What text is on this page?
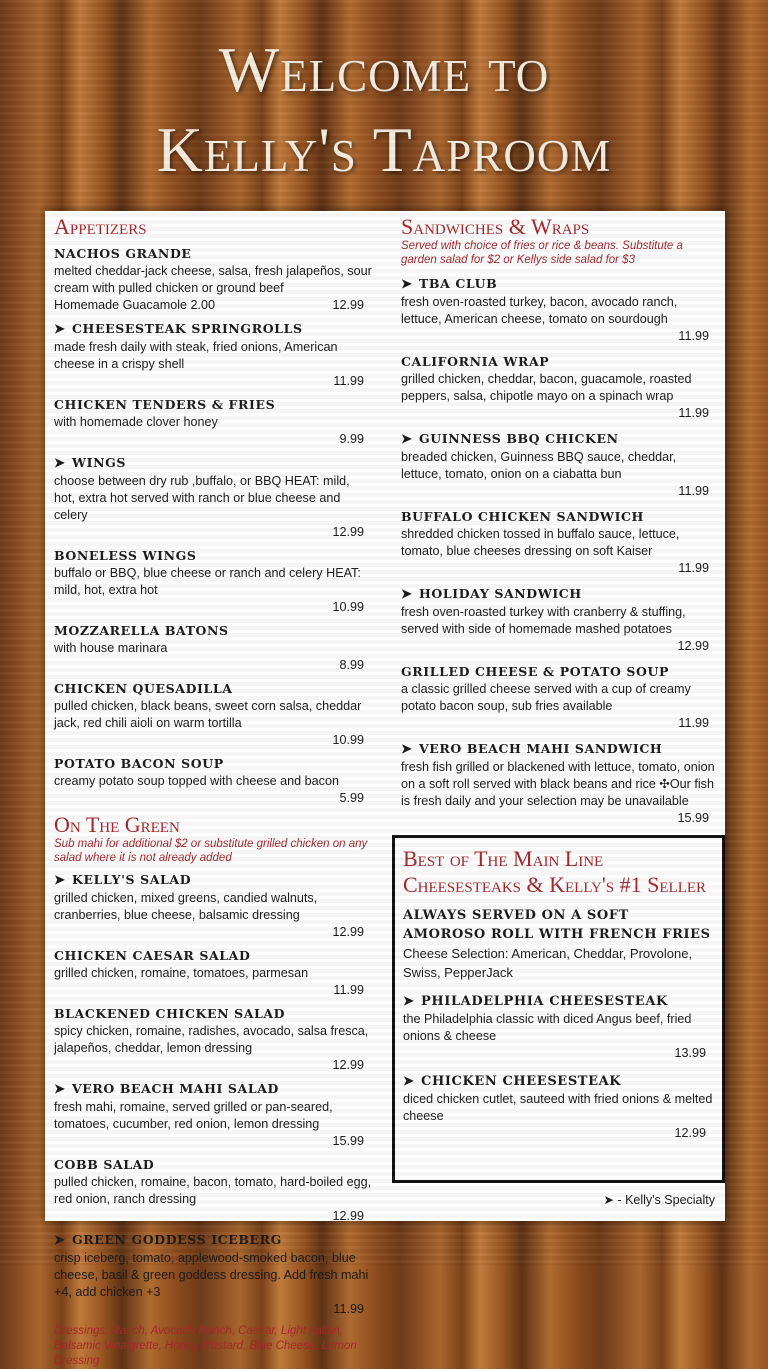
Welcome to
Kelly's Taproom
Appetizers
NACHOS GRANDE
melted cheddar-jack cheese, salsa, fresh jalapeños, sour cream with pulled chicken or ground beef
12.99
Homemade Guacamole 2.00
➤ CHEESESTEAK SPRINGROLLS
made fresh daily with steak, fried onions, American cheese in a crispy shell
11.99
CHICKEN TENDERS & FRIES
with homemade clover honey
9.99
➤ WINGS
choose between dry rub ,buffalo, or BBQ HEAT: mild, hot, extra hot served with ranch or blue cheese and celery
12.99
BONELESS WINGS
buffalo or BBQ, blue cheese or ranch and celery HEAT: mild, hot, extra hot
10.99
MOZZARELLA BATONS
with house marinara
8.99
CHICKEN QUESADILLA
pulled chicken, black beans, sweet corn salsa, cheddar jack, red chili aioli on warm tortilla
10.99
POTATO BACON SOUP
creamy potato soup topped with cheese and bacon
5.99
On The Green
Sub mahi for additional $2 or substitute grilled chicken on any salad where it is not already added
➤ KELLY'S SALAD
grilled chicken, mixed greens, candied walnuts, cranberries, blue cheese, balsamic dressing
12.99
CHICKEN CAESAR SALAD
grilled chicken, romaine, tomatoes, parmesan
11.99
BLACKENED CHICKEN SALAD
spicy chicken, romaine, radishes, avocado, salsa fresca, jalapeños, cheddar, lemon dressing
12.99
➤ VERO BEACH MAHI SALAD
fresh mahi, romaine, served grilled or pan-seared, tomatoes, cucumber, red onion, lemon dressing
15.99
COBB SALAD
pulled chicken, romaine, bacon, tomato, hard-boiled egg, red onion, ranch dressing
12.99
➤ GREEN GODDESS ICEBERG
crisp iceberg, tomato, applewood-smoked bacon, blue cheese, basil & green goddess dressing. Add fresh mahi +4, add chicken +3
11.99
Dressings: Ranch, Avocado Ranch, Caesar, Light Italian, Balsamic Vinaigrette, Honey Mustard, Blue Cheese, Lemon Dressing
Sandwiches & Wraps
Served with choice of fries or rice & beans. Substitute a garden salad for $2 or Kellys side salad for $3
➤ TBA CLUB
fresh oven-roasted turkey, bacon, avocado ranch, lettuce, American cheese, tomato on sourdough
11.99
CALIFORNIA WRAP
grilled chicken, cheddar, bacon, guacamole, roasted peppers, salsa, chipotle mayo on a spinach wrap
11.99
➤ GUINNESS BBQ CHICKEN
breaded chicken, Guinness BBQ sauce, cheddar, lettuce, tomato, onion on a ciabatta bun
11.99
BUFFALO CHICKEN SANDWICH
shredded chicken tossed in buffalo sauce, lettuce, tomato, blue cheeses dressing on soft Kaiser
11.99
➤ HOLIDAY SANDWICH
fresh oven-roasted turkey with cranberry & stuffing, served with side of homemade mashed potatoes
12.99
GRILLED CHEESE & POTATO SOUP
a classic grilled cheese served with a cup of creamy potato bacon soup, sub fries available
11.99
➤ VERO BEACH MAHI SANDWICH
fresh fish grilled or blackened with lettuce, tomato, onion on a soft roll served with black beans and rice ✣Our fish is fresh daily and your selection may be unavailable
15.99
Best of The Main Line Cheesesteaks & Kelly's #1 Seller
ALWAYS SERVED ON A SOFT AMOROSO ROLL WITH FRENCH FRIES
Cheese Selection: American, Cheddar, Provolone, Swiss, PepperJack
➤ PHILADELPHIA CHEESESTEAK
the Philadelphia classic with diced Angus beef, fried onions & cheese
13.99
➤ CHICKEN CHEESESTEAK
diced chicken cutlet, sauteed with fried onions & melted cheese
12.99
➤ - Kelly's Specialty
